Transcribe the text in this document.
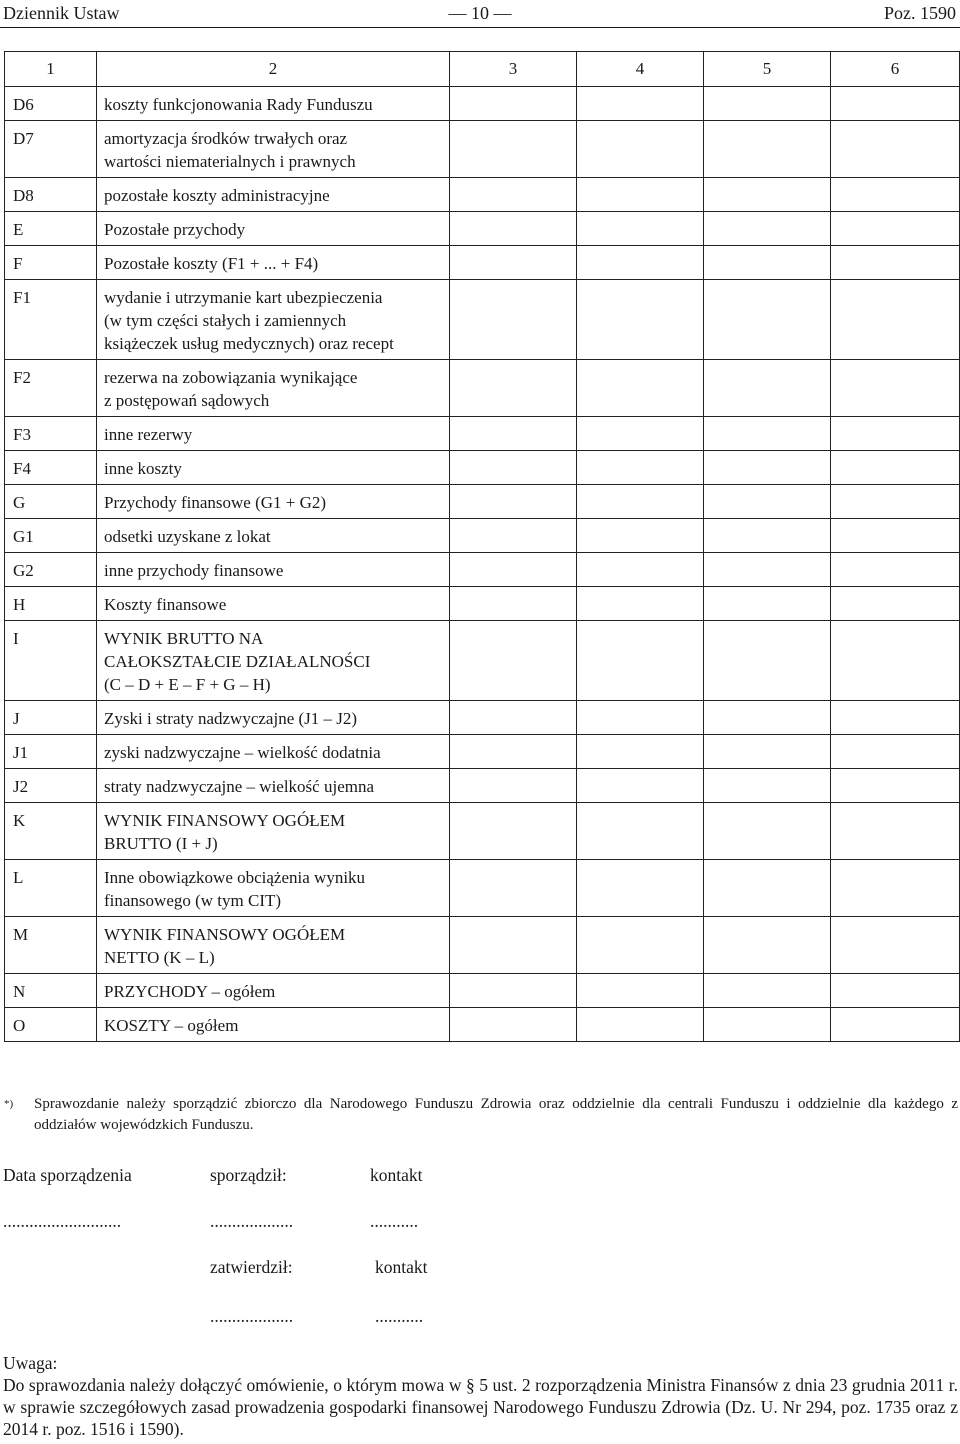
Dziennik Ustaw	— 10 —	Poz. 1590
1	2	3	4	5	6
D6	koszty funkcjonowania Rady Funduszu				
D7	amortyzacja środków trwałych oraz
wartości niematerialnych i prawnych				
D8	pozostałe koszty administracyjne				
E	Pozostałe przychody				
F	Pozostałe koszty (F1 + ... + F4)				
F1	wydanie i utrzymanie kart ubezpieczenia
(w tym części stałych i zamiennych
książeczek usług medycznych) oraz recept				
F2	rezerwa na zobowiązania wynikające
z postępowań sądowych				
F3	inne rezerwy				
F4	inne koszty				
G	Przychody finansowe (G1 + G2)				
G1	odsetki uzyskane z lokat				
G2	inne przychody finansowe				
H	Koszty finansowe				
I	WYNIK BRUTTO NA
CAŁOKSZTAŁCIE DZIAŁALNOŚCI
(C – D + E – F + G – H)				
J	Zyski i straty nadzwyczajne (J1 – J2)				
J1	zyski nadzwyczajne – wielkość dodatnia				
J2	straty nadzwyczajne – wielkość ujemna				
K	WYNIK FINANSOWY OGÓŁEM
BRUTTO (I + J)				
L	Inne obowiązkowe obciążenia wyniku
finansowego (w tym CIT)				
M	WYNIK FINANSOWY OGÓŁEM
NETTO (K – L)				
N	PRZYCHODY – ogółem				
O	KOSZTY – ogółem				
*)	Sprawozdanie należy sporządzić zbiorczo dla Narodowego Funduszu Zdrowia oraz oddzielnie dla centrali Funduszu i oddzielnie dla każdego z oddziałów wojewódzkich Funduszu.
Data sporządzenia	sporządził:	kontakt
...........................	...................	...........
zatwierdził:	kontakt
...................	...........
Uwaga:
Do sprawozdania należy dołączyć omówienie, o którym mowa w § 5 ust. 2 rozporządzenia Ministra Finansów z dnia 23 grudnia 2011 r. w sprawie szczegółowych zasad prowadzenia gospodarki finansowej Narodowego Funduszu Zdrowia (Dz. U. Nr 294, poz. 1735 oraz z 2014 r. poz. 1516 i 1590).
